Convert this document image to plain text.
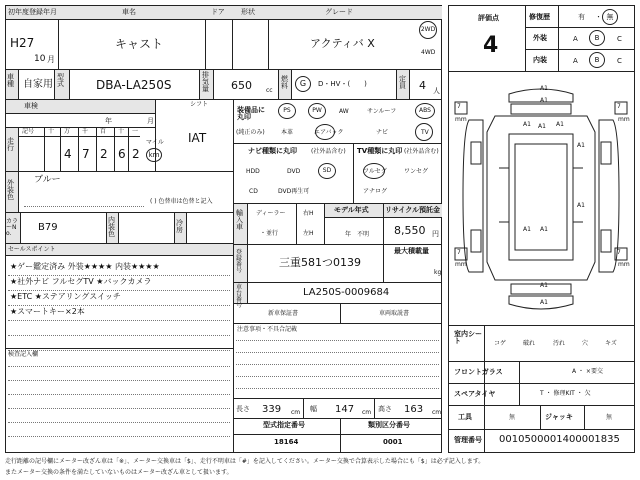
初年度登録年月	車名	ドア 形状	グレード
H27
10 月
キャスト	アクティバ X
2WD
4WD
車種 自家用
型式	DBA-LA250S
排気量 650 cc
燃料	G D・HV・(　　)
定員 4 人
車検
年	月
シフト
IAT
走行
記号 十 万 千 百 十 一
4 7 2 6 2
マイル
km
外装色
ブルー
( ) 色替車は色替と記入
カラーNo.
B79
内装色
冷房
セールスポイント
★ゲー鑑定済み 外装★★★★ 内装★★★★
★社外ナビ フルセグTV ★バックカメラ
★ETC ★ステアリングスイッチ
★スマートキー×2本
検査記入欄
装備品に丸印
(純正のみ)
PS	PW	AW	サンルーフ	ABS
本革	エアバック	ナビ	TV
ナビ種類に丸印 (社外品含む)
HDD	DVD	SD
CD	DVD再生可
TV種類に丸印 (社外品含む)
フルセグ	ワンセグ
アナログ
輸入車
ディーラー
・並行
右H
左H
モデル年式
年　不明
リサイクル預託金
8,550 円
登録番号
三重581つ0139
最大積載量
kg
車台番号
LA250S-0009684
新車保証書	車両取説書
注意事項・不具合記載
長さ 339 cm 幅 147 cm 高さ 163 cm
型式指定番号
18164
類別区分番号
0001
評価点
4
修復歴	有 ・ 無
外装	A B	C
内装	A B	C
A1
A1
A1 A1 A1
A1
A1
A1 A1
A1
A1
7
mm
7
mm
7
mm
7
mm
室内シート	コゲ	破れ	汚れ	穴	キズ
フロントガラス	A ・ ×要交
スペアタイヤ	T ・ 修理KIT ・ 欠
工具	無	ジャッキ	無
管理番号 0010500001400001835
走行距離の記号欄にメーター改ざん車は「※」、メーター交換車は「$」、走行不明車は「#」を記入してください。メーター交換で合算表示した場合にも「$」は必ず記入します。
またメーター交換の条件を満たしていないものはメーター改ざん車として扱います。
